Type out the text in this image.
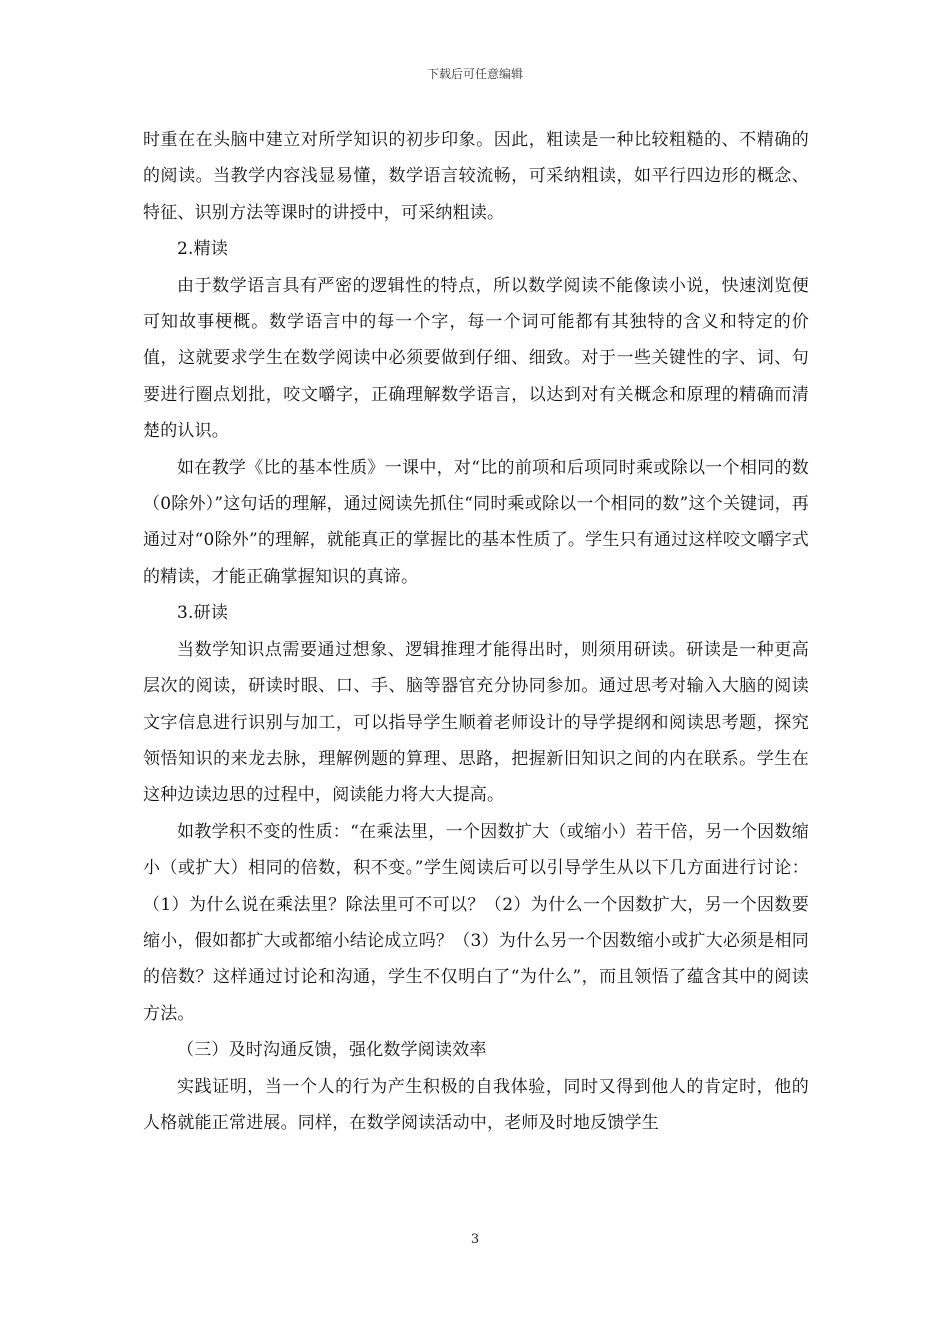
下载后可任意编辑

时重在在头脑中建立对所学知识的初步印象。因此，粗读是一种比较粗糙的、不精确的的阅读。当教学内容浅显易懂，数学语言较流畅，可采纳粗读，如平行四边形的概念、特征、识别方法等课时的讲授中，可采纳粗读。

2.精读

由于数学语言具有严密的逻辑性的特点，所以数学阅读不能像读小说，快速浏览便可知故事梗概。数学语言中的每一个字，每一个词可能都有其独特的含义和特定的价值，这就要求学生在数学阅读中必须要做到仔细、细致。对于一些关键性的字、词、句要进行圈点划批，咬文嚼字，正确理解数学语言，以达到对有关概念和原理的精确而清楚的认识。

如在教学《比的基本性质》一课中，对“比的前项和后项同时乘或除以一个相同的数（0除外）”这句话的理解，通过阅读先抓住“同时乘或除以一个相同的数”这个关键词，再通过对“0除外”的理解，就能真正的掌握比的基本性质了。学生只有通过这样咬文嚼字式的精读，才能正确掌握知识的真谛。

3.研读

当数学知识点需要通过想象、逻辑推理才能得出时，则须用研读。研读是一种更高层次的阅读，研读时眼、口、手、脑等器官充分协同参加。通过思考对输入大脑的阅读文字信息进行识别与加工，可以指导学生顺着老师设计的导学提纲和阅读思考题，探究领悟知识的来龙去脉，理解例题的算理、思路，把握新旧知识之间的内在联系。学生在这种边读边思的过程中，阅读能力将大大提高。

如教学积不变的性质：“在乘法里，一个因数扩大（或缩小）若干倍，另一个因数缩小（或扩大）相同的倍数，积不变。”学生阅读后可以引导学生从以下几方面进行讨论：（1）为什么说在乘法里？除法里可不可以？（2）为什么一个因数扩大，另一个因数要缩小，假如都扩大或都缩小结论成立吗？（3）为什么另一个因数缩小或扩大必须是相同的倍数？这样通过讨论和沟通，学生不仅明白了“为什么”，而且领悟了蕴含其中的阅读方法。

（三）及时沟通反馈，强化数学阅读效率

实践证明，当一个人的行为产生积极的自我体验，同时又得到他人的肯定时，他的人格就能正常进展。同样，在数学阅读活动中，老师及时地反馈学生

3
